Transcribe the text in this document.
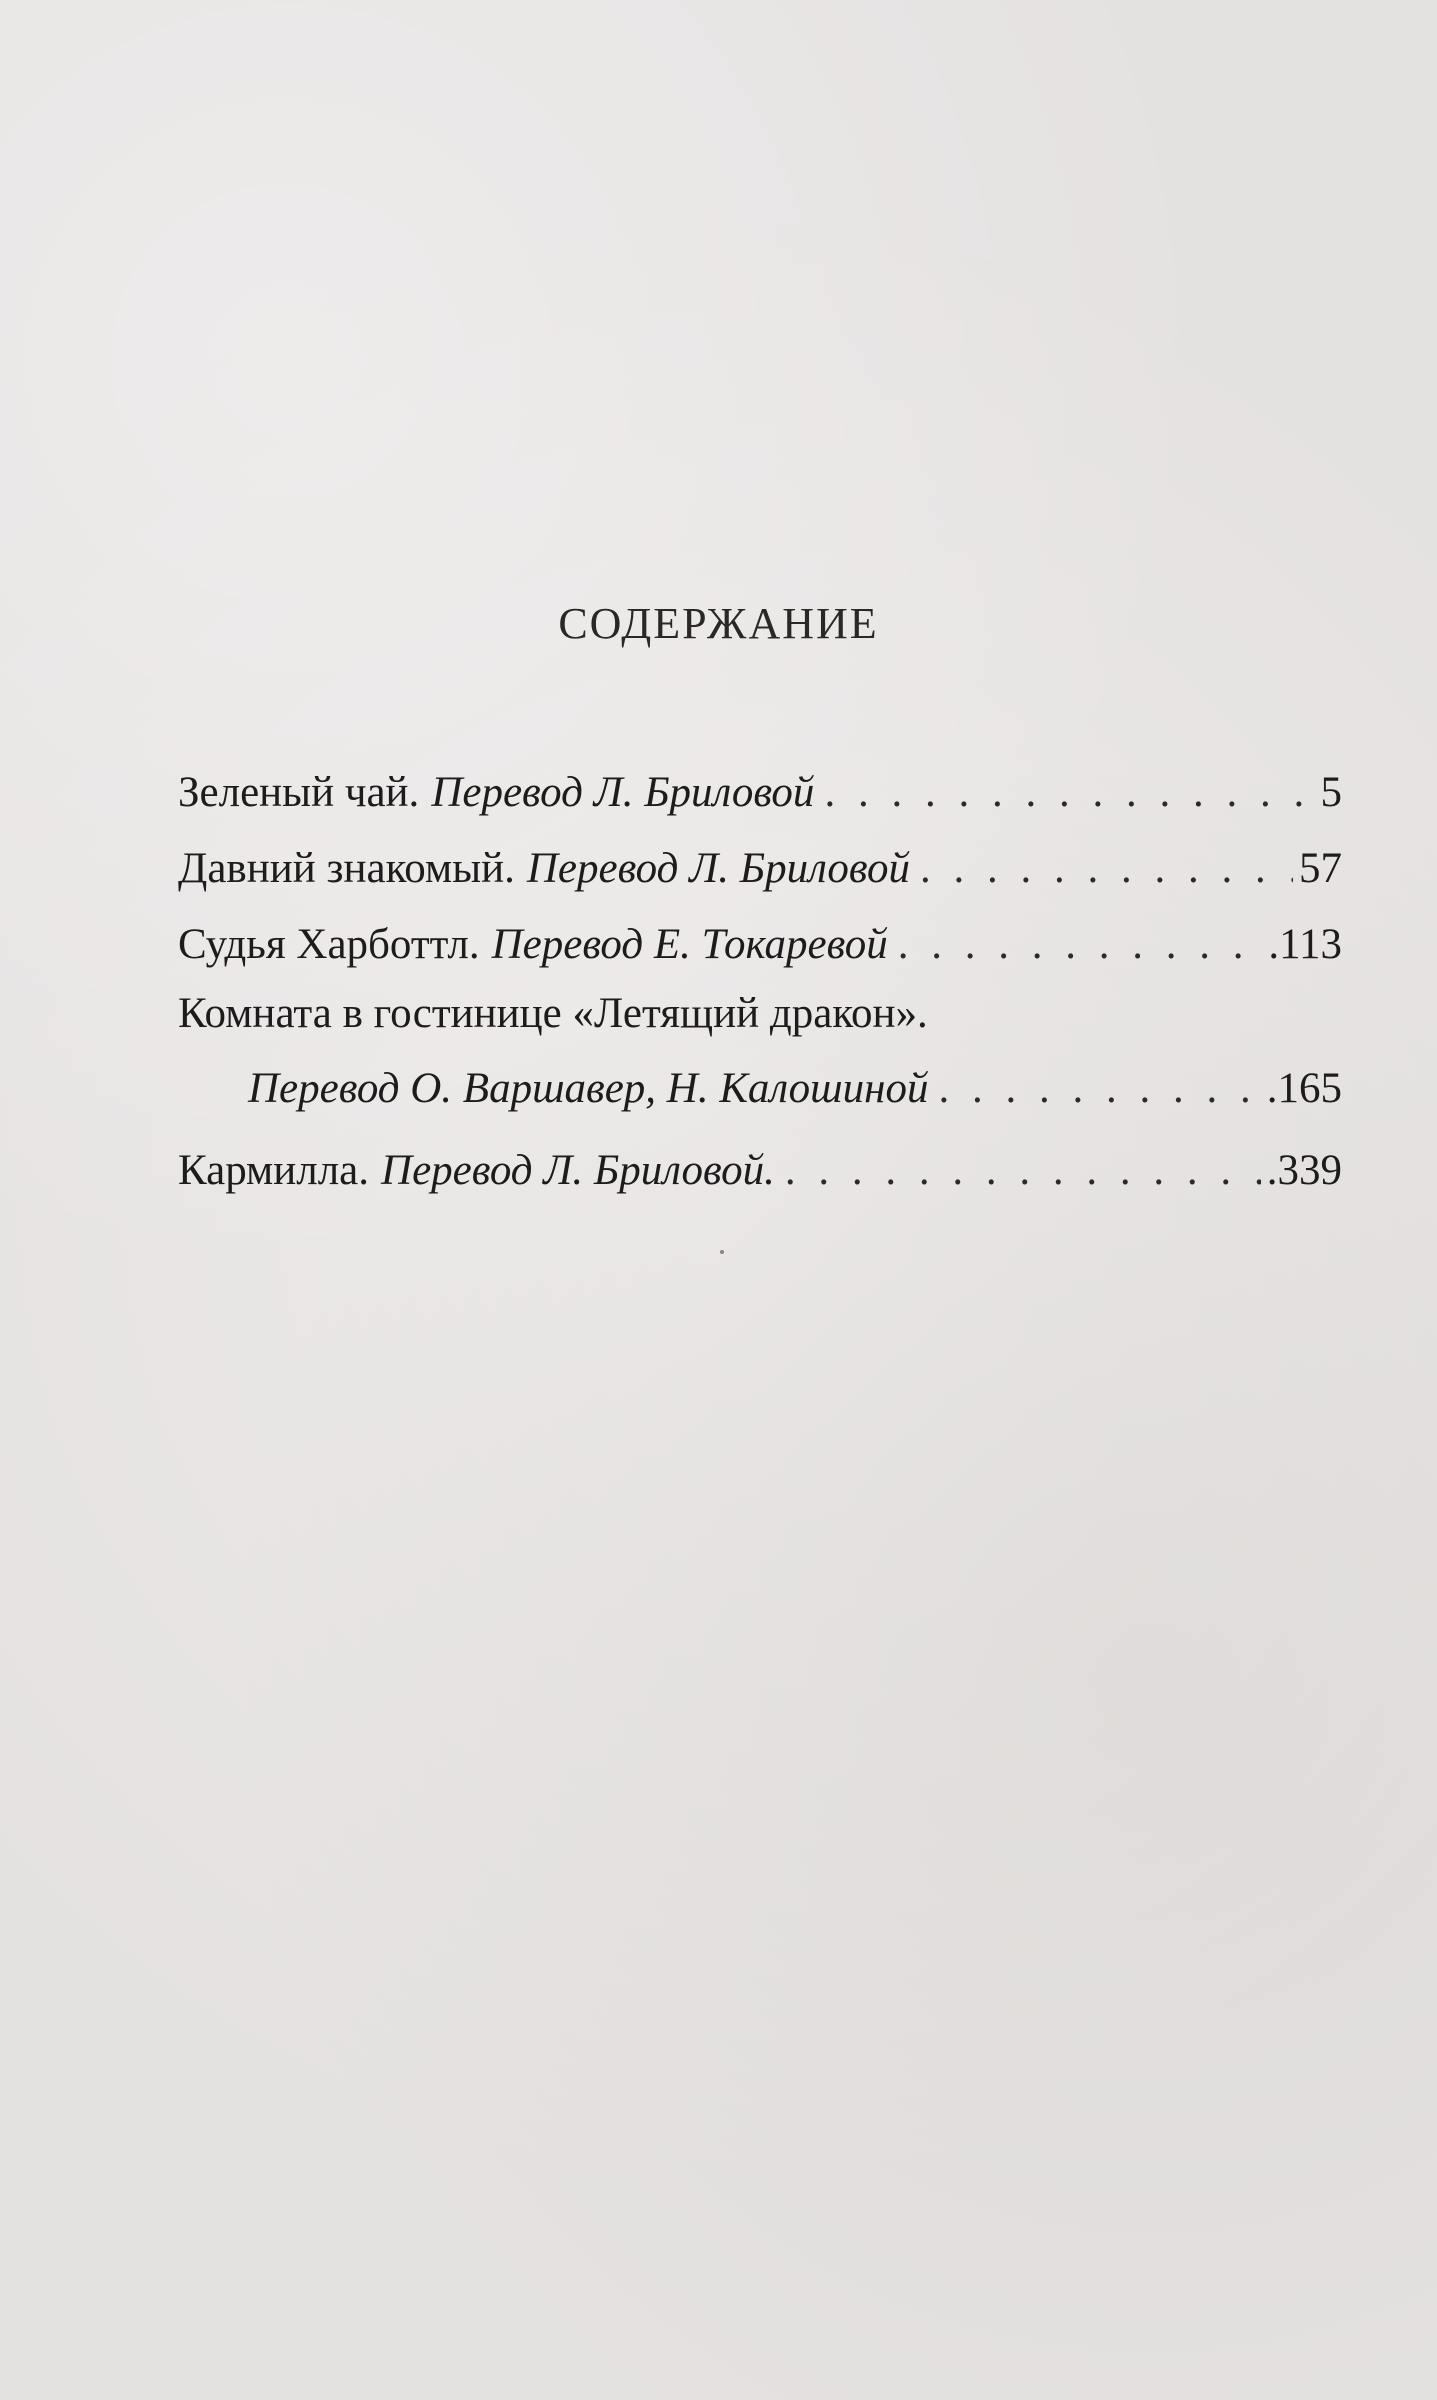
СОДЕРЖАНИЕ
Зеленый чай. Перевод Л. Бриловой . . .	5
Давний знакомый. Перевод Л. Бриловой . . .	57
Судья Харботтл. Перевод Е. Токаревой . . .	.113
Комната в гостинице «Летящий дракон».
Перевод О. Варшавер, Н. Калошиной . . .	.165
Кармилла. Перевод Л. Бриловой. . . .	.339
